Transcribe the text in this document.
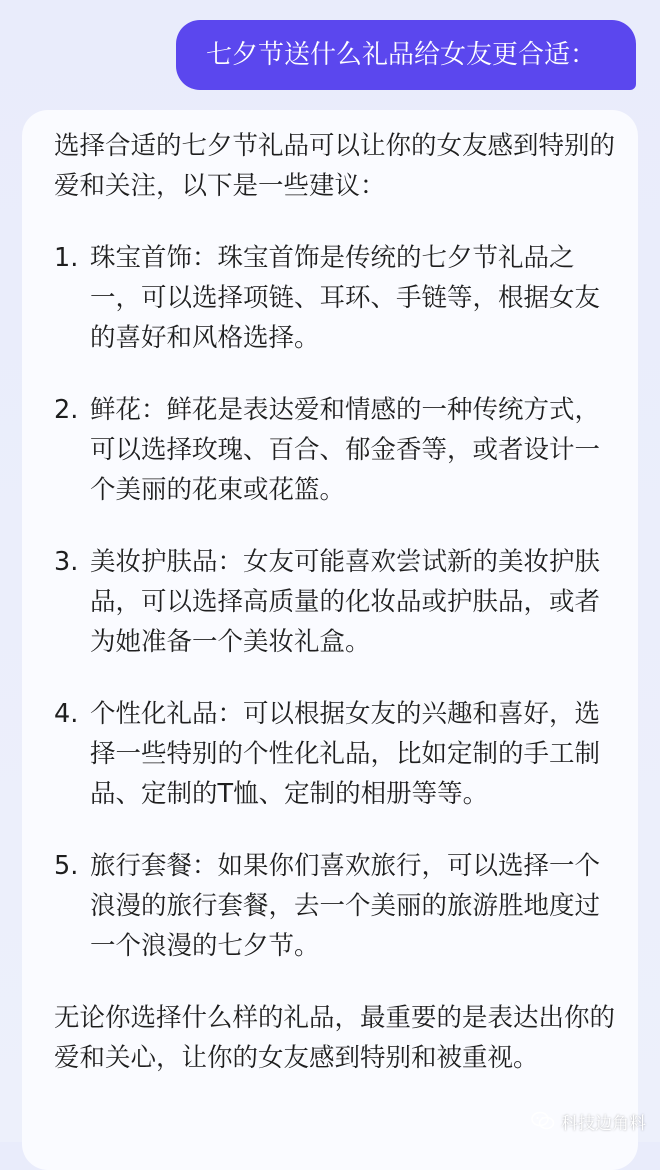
七夕节送什么礼品给女友更合适：

选择合适的七夕节礼品可以让你的女友感到特别的爱和关注，以下是一些建议：

1. 珠宝首饰：珠宝首饰是传统的七夕节礼品之一，可以选择项链、耳环、手链等，根据女友的喜好和风格选择。
2. 鲜花：鲜花是表达爱和情感的一种传统方式，可以选择玫瑰、百合、郁金香等，或者设计一个美丽的花束或花篮。
3. 美妆护肤品：女友可能喜欢尝试新的美妆护肤品，可以选择高质量的化妆品或护肤品，或者为她准备一个美妆礼盒。
4. 个性化礼品：可以根据女友的兴趣和喜好，选择一些特别的个性化礼品，比如定制的手工制品、定制的T恤、定制的相册等等。
5. 旅行套餐：如果你们喜欢旅行，可以选择一个浪漫的旅行套餐，去一个美丽的旅游胜地度过一个浪漫的七夕节。

无论你选择什么样的礼品，最重要的是表达出你的爱和关心，让你的女友感到特别和被重视。

科技边角料
